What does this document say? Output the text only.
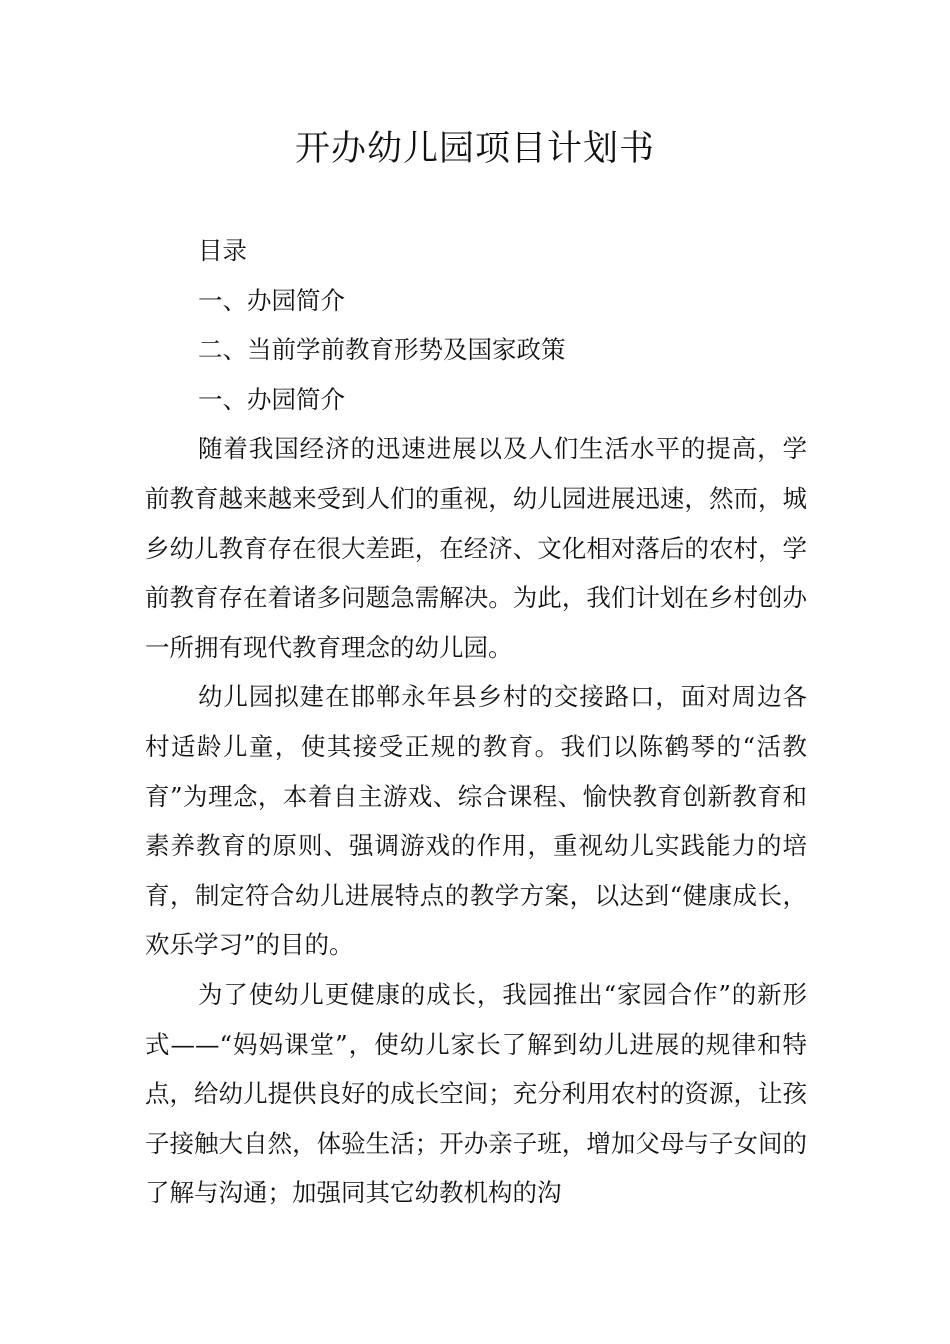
开办幼儿园项目计划书

目录

一、办园简介

二、当前学前教育形势及国家政策

一、办园简介

随着我国经济的迅速进展以及人们生活水平的提高，学前教育越来越来受到人们的重视，幼儿园进展迅速，然而，城乡幼儿教育存在很大差距，在经济、文化相对落后的农村，学前教育存在着诸多问题急需解决。为此，我们计划在乡村创办一所拥有现代教育理念的幼儿园。

幼儿园拟建在邯郸永年县乡村的交接路口，面对周边各村适龄儿童，使其接受正规的教育。我们以陈鹤琴的“活教育”为理念，本着自主游戏、综合课程、愉快教育创新教育和素养教育的原则、强调游戏的作用，重视幼儿实践能力的培育，制定符合幼儿进展特点的教学方案，以达到“健康成长，欢乐学习”的目的。

为了使幼儿更健康的成长，我园推出“家园合作”的新形式——“妈妈课堂”，使幼儿家长了解到幼儿进展的规律和特点，给幼儿提供良好的成长空间；充分利用农村的资源，让孩子接触大自然，体验生活；开办亲子班，增加父母与子女间的了解与沟通；加强同其它幼教机构的沟
